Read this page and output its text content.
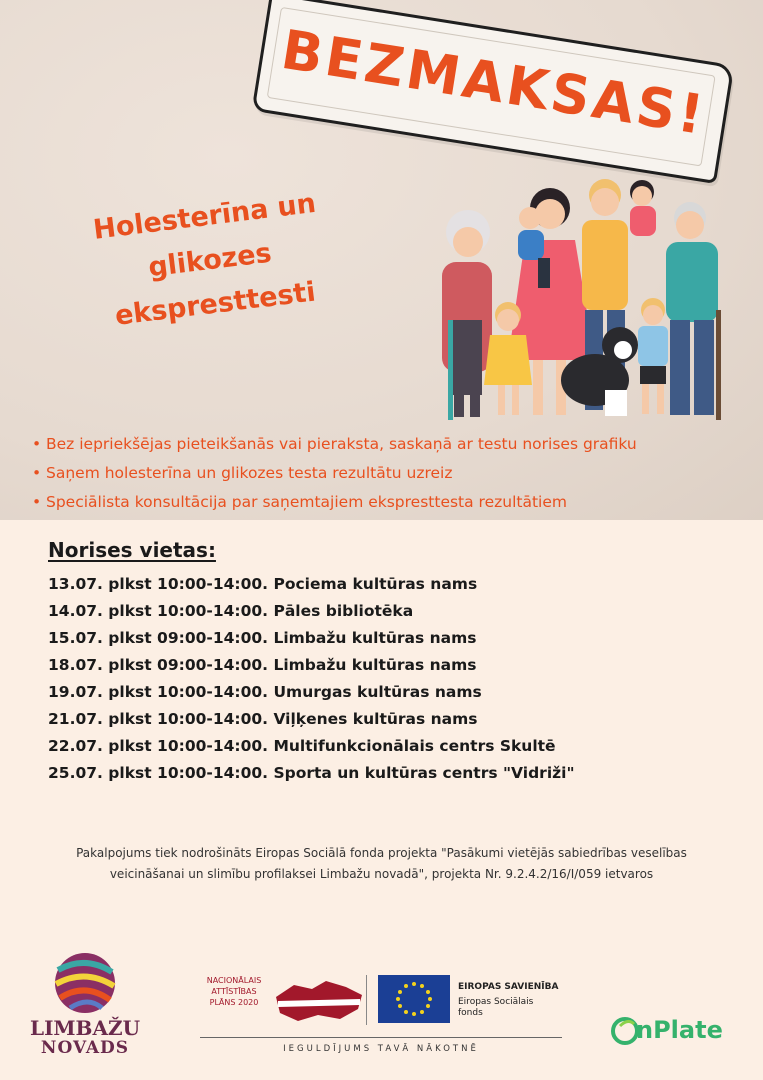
BEZMAKSAS!
Holesterīna un
glikozes
ekspresttesti
• Bez iepriekšējas pieteikšanās vai pieraksta, saskaņā ar testu norises grafiku
• Saņem holesterīna un glikozes testa rezultātu uzreiz
• Speciālista konsultācija par saņemtajiem ekspresttesta rezultātiem
Norises vietas:
13.07. plkst 10:00-14:00. Pociema kultūras nams
14.07. plkst 10:00-14:00. Pāles bibliotēka
15.07. plkst 09:00-14:00. Limbažu kultūras nams
18.07. plkst 09:00-14:00. Limbažu kultūras nams
19.07. plkst 10:00-14:00. Umurgas kultūras nams
21.07. plkst 10:00-14:00. Viļķenes kultūras nams
22.07. plkst 10:00-14:00. Multifunkcionālais centrs Skultē
25.07. plkst 10:00-14:00. Sporta un kultūras centrs "Vidriži"
Pakalpojums tiek nodrošināts Eiropas Sociālā fonda projekta "Pasākumi vietējās sabiedrības veselības
veicināšanai un slimību profilaksei Limbažu novadā", projekta Nr. 9.2.4.2/16/I/059 ietvaros
LIMBAŽU
NOVADS
NACIONĀLAIS
ATTĪSTĪBAS
PLĀNS 2020
EIROPAS SAVIENĪBA
Eiropas Sociālais fonds
IEGULDĪJUMS TAVĀ NĀKOTNĒ
nPlate
